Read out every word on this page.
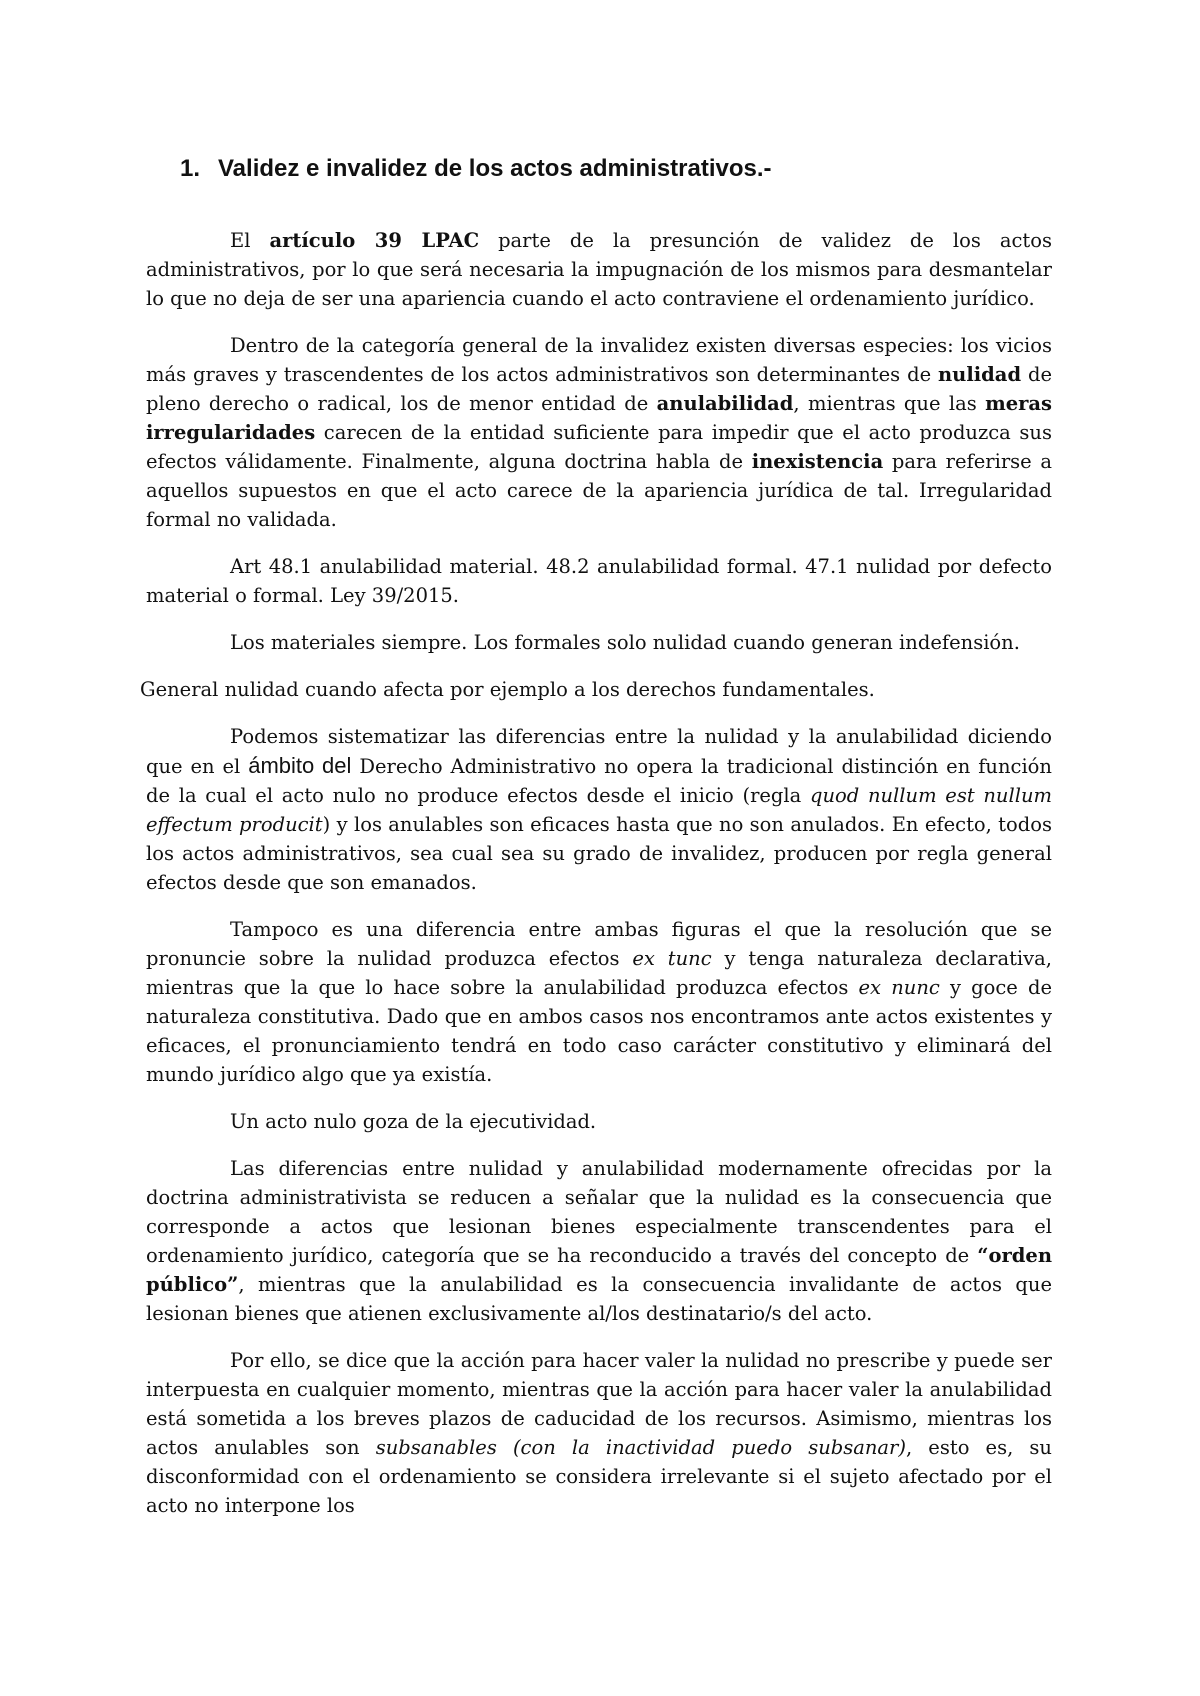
1. Validez e invalidez de los actos administrativos.-

El artículo 39 LPAC parte de la presunción de validez de los actos administrativos, por lo que será necesaria la impugnación de los mismos para desmantelar lo que no deja de ser una apariencia cuando el acto contraviene el ordenamiento jurídico.

Dentro de la categoría general de la invalidez existen diversas especies: los vicios más graves y trascendentes de los actos administrativos son determinantes de nulidad de pleno derecho o radical, los de menor entidad de anulabilidad, mientras que las meras irregularidades carecen de la entidad suficiente para impedir que el acto produzca sus efectos válidamente. Finalmente, alguna doctrina habla de inexistencia para referirse a aquellos supuestos en que el acto carece de la apariencia jurídica de tal. Irregularidad formal no validada.

Art 48.1 anulabilidad material. 48.2 anulabilidad formal. 47.1 nulidad por defecto material o formal. Ley 39/2015.

Los materiales siempre. Los formales solo nulidad cuando generan indefensión.

General nulidad cuando afecta por ejemplo a los derechos fundamentales.

Podemos sistematizar las diferencias entre la nulidad y la anulabilidad diciendo que en el ámbito del Derecho Administrativo no opera la tradicional distinción en función de la cual el acto nulo no produce efectos desde el inicio (regla quod nullum est nullum effectum producit) y los anulables son eficaces hasta que no son anulados. En efecto, todos los actos administrativos, sea cual sea su grado de invalidez, producen por regla general efectos desde que son emanados.

Tampoco es una diferencia entre ambas figuras el que la resolución que se pronuncie sobre la nulidad produzca efectos ex tunc y tenga naturaleza declarativa, mientras que la que lo hace sobre la anulabilidad produzca efectos ex nunc y goce de naturaleza constitutiva. Dado que en ambos casos nos encontramos ante actos existentes y eficaces, el pronunciamiento tendrá en todo caso carácter constitutivo y eliminará del mundo jurídico algo que ya existía.

Un acto nulo goza de la ejecutividad.

Las diferencias entre nulidad y anulabilidad modernamente ofrecidas por la doctrina administrativista se reducen a señalar que la nulidad es la consecuencia que corresponde a actos que lesionan bienes especialmente transcendentes para el ordenamiento jurídico, categoría que se ha reconducido a través del concepto de “orden público”, mientras que la anulabilidad es la consecuencia invalidante de actos que lesionan bienes que atienen exclusivamente al/los destinatario/s del acto.

Por ello, se dice que la acción para hacer valer la nulidad no prescribe y puede ser interpuesta en cualquier momento, mientras que la acción para hacer valer la anulabilidad está sometida a los breves plazos de caducidad de los recursos. Asimismo, mientras los actos anulables son subsanables (con la inactividad puedo subsanar), esto es, su disconformidad con el ordenamiento se considera irrelevante si el sujeto afectado por el acto no interpone los
